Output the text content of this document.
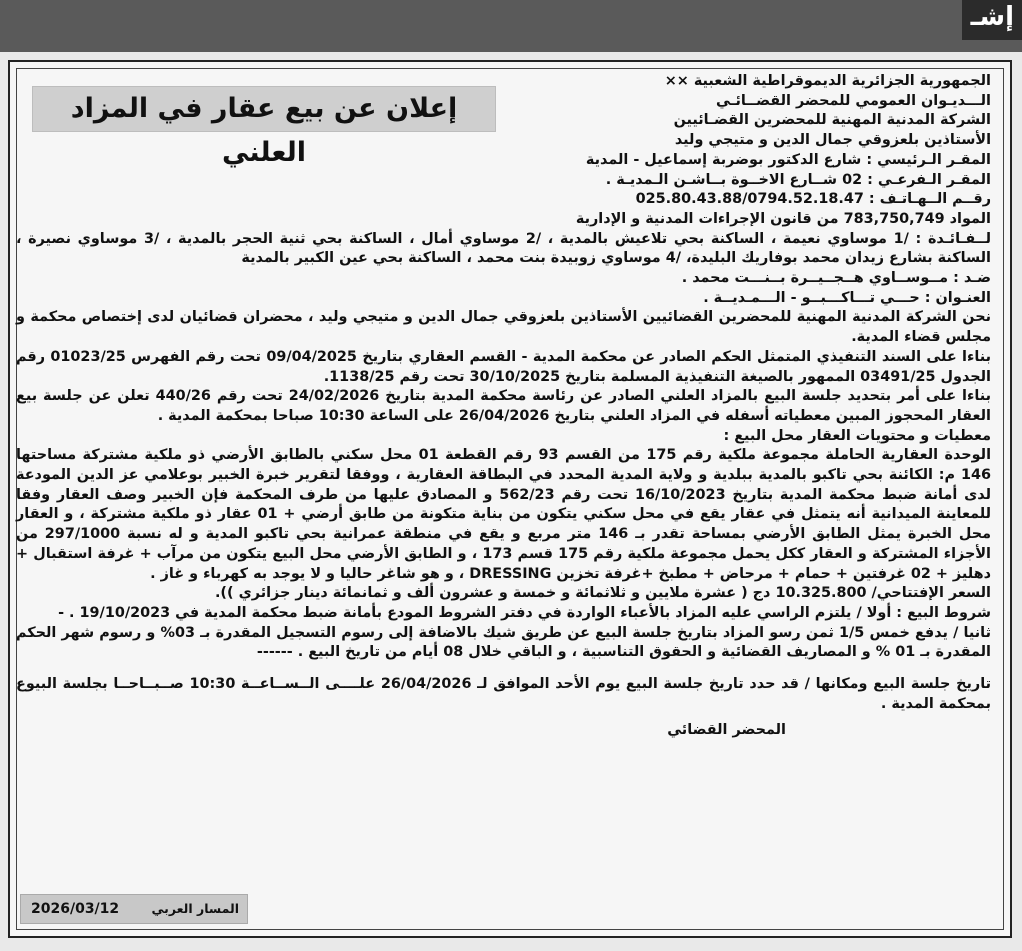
إشـ
إعلان عن بيع عقار في المزاد العلني

الجمهورية الجزائرية الديموقراطية الشعبية ××

الـــديـوان العمومي للمحضر القضــائـي

الشركة المدنية المهنية للمحضرين القضـائيين

الأستاذين بلعزوقي جمال الدين و متيجي وليد

المقـر الـرئيسي : شارع الدكتور بوضربة إسماعيل - المدية

المقـر الـفرعـي : 02 شــارع الاخــوة بــاشـن الـمديـة .

رقــم الــهـاتـف : 025.80.43.88/0794.52.18.47

المواد 783,750,749 من قانون الإجراءات المدنية و الإدارية

لــفـائـدة : /1 موساوي نعيمة ، الساكنة بحي تلاعيش بالمدية ، /2 موساوي أمال ، الساكنة بحي ثنية الحجر بالمدية ، /3 موساوي نصيرة ، الساكنة بشارع زيدان محمد بوفاريك البليدة، /4 موساوي زوبيدة بنت محمد ، الساكنة بحي عين الكبير بالمدية

ضـد : مــوســاوي هــجــيــرة بــنـــت محمد .

العنـوان : حـــي تـــاكـــبــو - الـــمـديــة .

نحن الشركة المدنية المهنية للمحضرين القضائيين الأستاذين بلعزوقي جمال الدين و متيجي وليد ، محضران قضائيان لدى إختصاص محكمة و مجلس قضاء المدية.

بناءا على السند التنفيذي المتمثل الحكم الصادر عن محكمة المدية - القسم العقاري بتاريخ 09/04/2025 تحت رقم الفهرس 01023/25 رقم الجدول 03491/25 الممهور بالصيغة التنفيذية المسلمة بتاريخ 30/10/2025 تحت رقم 1138/25.

بناءا على أمر بتحديد جلسة البيع بالمزاد العلني الصادر عن رئاسة محكمة المدية بتاريخ 24/02/2026 تحت رقم 440/26 تعلن عن جلسة بيع العقار المحجوز المبين معطياته أسفله في المزاد العلني بتاريخ 26/04/2026 على الساعة 10:30 صباحا بمحكمة المدية .

معطيات و محتويات العقار محل البيع :

الوحدة العقارية الحاملة مجموعة ملكية رقم 175 من القسم 93 رقم القطعة 01 محل سكني بالطابق الأرضي ذو ملكية مشتركة مساحتها 146 م: الكائنة بحي تاكبو بالمدية ببلدية و ولاية المدية المحدد في البطاقة العقارية ، ووفقا لتقرير خبرة الخبير بوعلامي عز الدين المودعة لدى أمانة ضبط محكمة المدية بتاريخ 16/10/2023 تحت رقم 562/23 و المصادق عليها من طرف المحكمة فإن الخبير وصف العقار وفقا للمعاينة الميدانية أنه يتمثل في عقار يقع في محل سكني يتكون من بناية متكونة من طابق أرضي + 01 عقار ذو ملكية مشتركة ، و العقار محل الخبرة يمثل الطابق الأرضي بمساحة تقدر بـ 146 متر مربع و يقع في منطقة عمرانية بحي تاكبو المدية و له نسبة 297/1000 من الأجزاء المشتركة و العقار ككل يحمل مجموعة ملكية رقم 175 قسم 173 ، و الطابق الأرضي محل البيع يتكون من مرآب + غرفة استقبال + دهليز + 02 غرفتين + حمام + مرحاض + مطبخ +غرفة تخزين DRESSING ، و هو شاغر حاليا و لا يوجد به كهرباء و غاز .

السعر الإفتتاحي/ 10.325.800 دج ( عشرة ملايين و ثلاثمائة و خمسة و عشرون ألف و ثمانمائة دينار جزائري )).

شروط البيع : أولا / يلتزم الراسي عليه المزاد بالأعباء الواردة في دفتر الشروط المودع بأمانة ضبط محكمة المدية في 19/10/2023 . -

ثانيا / يدفع خمس 1/5 ثمن رسو المزاد بتاريخ جلسة البيع عن طريق شيك بالاضافة إلى رسوم التسجيل المقدرة بـ 03% و رسوم شهر الحكم المقدرة بـ 01 % و المصاريف القضائية و الحقوق التناسبية ، و الباقي خلال 08 أيام من تاريخ البيع . ------

تاريخ جلسة البيع ومكانها / قد حدد تاريخ جلسة البيع يوم الأحد الموافق لـ 26/04/2026 علــــى الــســاعــة 10:30 صــبــاحــا بجلسة البيوع بمحكمة المدية .

المحضر القضائي

المسار العربي
2026/03/12
